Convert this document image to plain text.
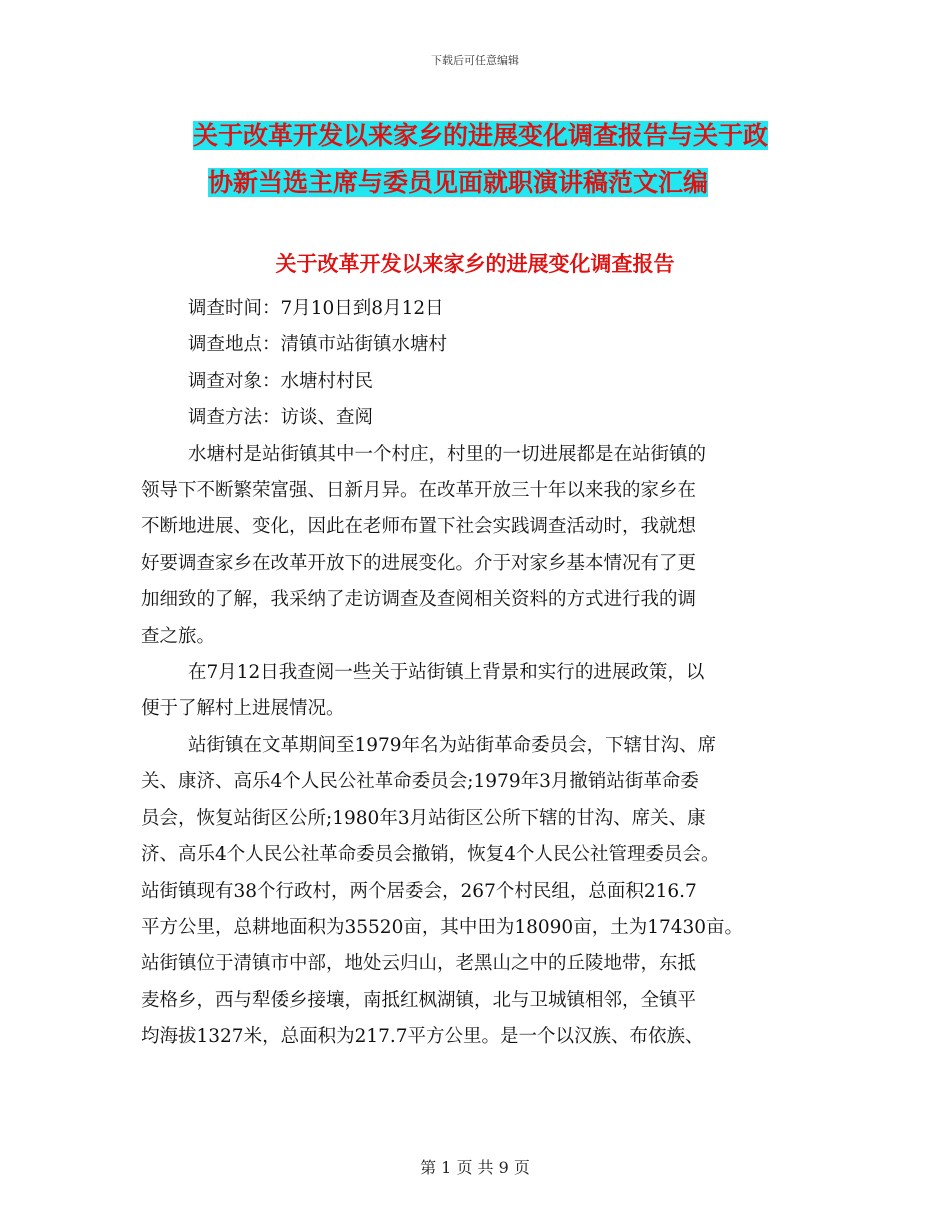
下载后可任意编辑
关于改革开发以来家乡的进展变化调查报告与关于政
协新当选主席与委员见面就职演讲稿范文汇编
关于改革开发以来家乡的进展变化调查报告

调查时间：7月10日到8月12日

调查地点：清镇市站街镇水塘村

调查对象：水塘村村民

调查方法：访谈、查阅

水塘村是站街镇其中一个村庄，村里的一切进展都是在站街镇的
领导下不断繁荣富强、日新月异。在改革开放三十年以来我的家乡在
不断地进展、变化，因此在老师布置下社会实践调查活动时，我就想
好要调查家乡在改革开放下的进展变化。介于对家乡基本情况有了更
加细致的了解，我采纳了走访调查及查阅相关资料的方式进行我的调
查之旅。

在7月12日我查阅一些关于站街镇上背景和实行的进展政策，以
便于了解村上进展情况。

站街镇在文革期间至1979年名为站街革命委员会，下辖甘沟、席
关、康济、高乐4个人民公社革命委员会;1979年3月撤销站街革命委
员会，恢复站街区公所;1980年3月站街区公所下辖的甘沟、席关、康
济、高乐4个人民公社革命委员会撤销，恢复4个人民公社管理委员会。
站街镇现有38个行政村，两个居委会，267个村民组，总面积216.7
平方公里，总耕地面积为35520亩，其中田为18090亩，土为17430亩。
站街镇位于清镇市中部，地处云归山，老黑山之中的丘陵地带，东抵
麦格乡，西与犁倭乡接壤，南抵红枫湖镇，北与卫城镇相邻，全镇平
均海拔1327米，总面积为217.7平方公里。是一个以汉族、布依族、

第 1 页 共 9 页
